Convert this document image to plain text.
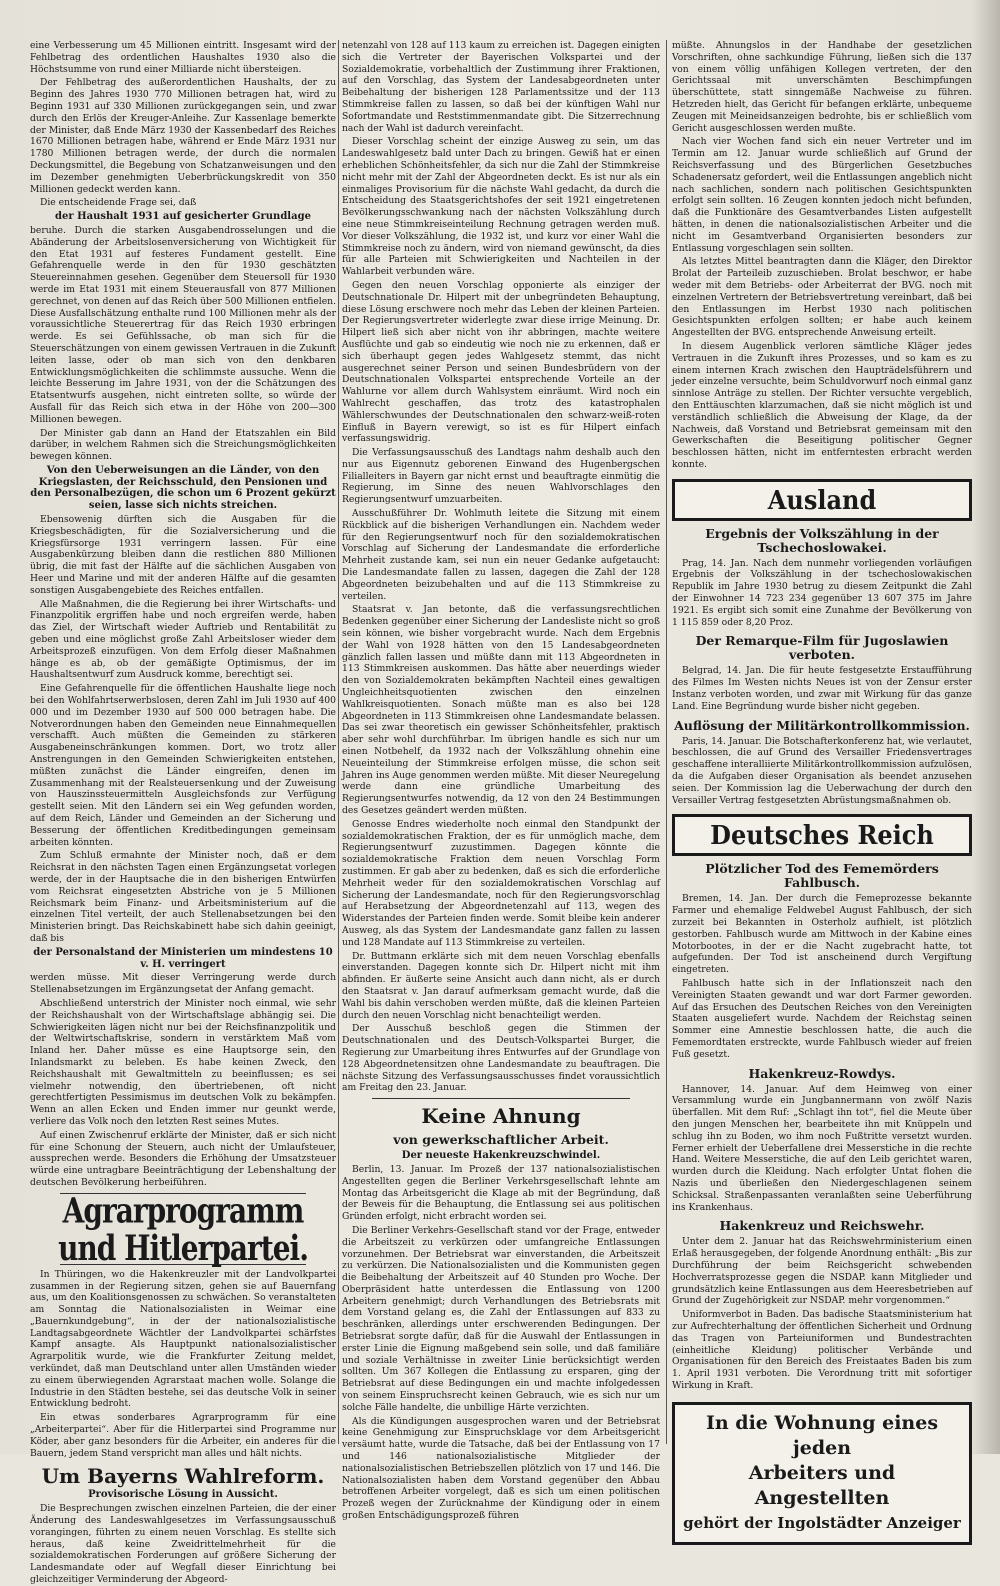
eine Verbesserung um 45 Millionen eintritt. Insgesamt wird der Fehlbetrag des ordentlichen Haushaltes 1930 also die Höchstsumme von rund einer Milliarde nicht übersteigen.

Der Fehlbetrag des außerordentlichen Haushalts, der zu Beginn des Jahres 1930 770 Millionen betragen hat, wird zu Beginn 1931 auf 330 Millionen zurückgegangen sein, und zwar durch den Erlös der Kreuger-Anleihe. Zur Kassenlage bemerkte der Minister, daß Ende März 1930 der Kassenbedarf des Reiches 1670 Millionen betragen habe, während er Ende März 1931 nur 1780 Millionen betragen werde, der durch die normalen Deckungsmittel, die Begebung von Schatzanweisungen und den im Dezember genehmigten Ueberbrückungskredit von 350 Millionen gedeckt werden kann.

Die entscheidende Frage sei, daß

der Haushalt 1931 auf gesicherter Grundlage

beruhe. Durch die starken Ausgabendrosselungen und die Abänderung der Arbeitslosenversicherung von Wichtigkeit für den Etat 1931 auf festeres Fundament gestellt. Eine Gefahrenquelle werde in den für 1930 geschätzten Steuereinnahmen gesehen. Gegenüber dem Steuersoll für 1930 werde im Etat 1931 mit einem Steuerausfall von 877 Millionen gerechnet, von denen auf das Reich über 500 Millionen entfielen. Diese Ausfallschätzung enthalte rund 100 Millionen mehr als der voraussichtliche Steuerertrag für das Reich 1930 erbringen werde. Es sei Gefühlssache, ob man sich für die Steuerschätzungen von einem gewissen Vertrauen in die Zukunft leiten lasse, oder ob man sich von den denkbaren Entwicklungsmöglichkeiten die schlimmste aussuche. Wenn die leichte Besserung im Jahre 1931, von der die Schätzungen des Etatsentwurfs ausgehen, nicht eintreten sollte, so würde der Ausfall für das Reich sich etwa in der Höhe von 200—300 Millionen bewegen.

Der Minister gab dann an Hand der Etatszahlen ein Bild darüber, in welchem Rahmen sich die Streichungsmöglichkeiten bewegen können.

Von den Ueberweisungen an die Länder, von den Kriegslasten, der Reichsschuld, den Pensionen und den Personalbezügen, die schon um 6 Prozent gekürzt seien, lasse sich nichts streichen.

Ebensowenig dürften sich die Ausgaben für die Kriegsbeschädigten, für die Sozialversicherung und die Kriegsfürsorge 1931 verringern lassen. Für eine Ausgabenkürzung bleiben dann die restlichen 880 Millionen übrig, die mit fast der Hälfte auf die sächlichen Ausgaben von Heer und Marine und mit der anderen Hälfte auf die gesamten sonstigen Ausgabengebiete des Reiches entfallen.

Alle Maßnahmen, die die Regierung bei ihrer Wirtschafts- und Finanzpolitik ergriffen habe und noch ergreifen werde, haben das Ziel, der Wirtschaft wieder Auftrieb und Rentabilität zu geben und eine möglichst große Zahl Arbeitsloser wieder dem Arbeitsprozeß einzufügen. Von dem Erfolg dieser Maßnahmen hänge es ab, ob der gemäßigte Optimismus, der im Haushaltsentwurf zum Ausdruck komme, berechtigt sei.

Eine Gefahrenquelle für die öffentlichen Haushalte liege noch bei den Wohlfahrtserwerbslosen, deren Zahl im Juli 1930 auf 400 000 und im Dezember 1930 auf 500 000 betragen habe. Die Notverordnungen haben den Gemeinden neue Einnahmequellen verschafft. Auch müßten die Gemeinden zu stärkeren Ausgabeneinschränkungen kommen. Dort, wo trotz aller Anstrengungen in den Gemeinden Schwierigkeiten entstehen, müßten zunächst die Länder eingreifen, denen im Zusammenhang mit der Realsteuersenkung und der Zuweisung von Hauszinssteuermitteln Ausgleichsfonds zur Verfügung gestellt seien. Mit den Ländern sei ein Weg gefunden worden, auf dem Reich, Länder und Gemeinden an der Sicherung und Besserung der öffentlichen Kreditbedingungen gemeinsam arbeiten könnten.

Zum Schluß ermahnte der Minister noch, daß er dem Reichsrat in den nächsten Tagen einen Ergänzungsetat vorlegen werde, der in der Hauptsache die in den bisherigen Entwürfen vom Reichsrat eingesetzten Abstriche von je 5 Millionen Reichsmark beim Finanz- und Arbeitsministerium auf die einzelnen Titel verteilt, der auch Stellenabsetzungen bei den Ministerien bringt. Das Reichskabinett habe sich dahin geeinigt, daß bis

der Personalstand der Ministerien um mindestens 10 v. H. verringert

werden müsse. Mit dieser Verringerung werde durch Stellenabsetzungen im Ergänzungsetat der Anfang gemacht.

Abschließend unterstrich der Minister noch einmal, wie sehr der Reichshaushalt von der Wirtschaftslage abhängig sei. Die Schwierigkeiten lägen nicht nur bei der Reichsfinanzpolitik und der Weltwirtschaftskrise, sondern in verstärktem Maß vom Inland her. Daher müsse es eine Hauptsorge sein, den Inlandsmarkt zu beleben. Es habe keinen Zweck, den Reichshaushalt mit Gewaltmitteln zu beeinflussen; es sei vielmehr notwendig, den übertriebenen, oft nicht gerechtfertigten Pessimismus im deutschen Volk zu bekämpfen. Wenn an allen Ecken und Enden immer nur geunkt werde, verliere das Volk noch den letzten Rest seines Mutes.

Auf einen Zwischenruf erklärte der Minister, daß er sich nicht für eine Schonung der Steuern, auch nicht der Umlaufsteuer, aussprechen werde. Besonders die Erhöhung der Umsatzsteuer würde eine untragbare Beeinträchtigung der Lebenshaltung der deutschen Bevölkerung herbeiführen.

Agrarprogramm und Hitlerpartei.

In Thüringen, wo die Hakenkreuzler mit der Landvolkpartei zusammen in der Regierung sitzen, gehen sie auf Bauernfang aus, um den Koalitionsgenossen zu schwächen. So veranstalteten am Sonntag die Nationalsozialisten in Weimar eine „Bauernkundgebung“, in der der nationalsozialistische Landtagsabgeordnete Wächtler der Landvolkpartei schärfstes Kampf ansagte. Als Hauptpunkt nationalsozialistischer Agrarpolitik wurde, wie die Frankfurter Zeitung meldet, verkündet, daß man Deutschland unter allen Umständen wieder zu einem überwiegenden Agrarstaat machen wolle. Solange die Industrie in den Städten bestehe, sei das deutsche Volk in seiner Entwicklung bedroht.

Ein etwas sonderbares Agrarprogramm für eine „Arbeiterpartei“. Aber für die Hitlerpartei sind Programme nur Köder, aber ganz besonders für die Arbeiter, ein anderes für die Bauern, jedem Stand verspricht man alles und hält nichts.

Um Bayerns Wahlreform.

Provisorische Lösung in Aussicht.

Die Besprechungen zwischen einzelnen Parteien, die der einer Änderung des Landeswahlgesetzes im Verfassungsausschuß vorangingen, führten zu einem neuen Vorschlag. Es stellte sich heraus, daß keine Zweidrittelmehrheit für die sozialdemokratischen Forderungen auf größere Sicherung der Landesmandate oder auf Wegfall dieser Einrichtung bei gleichzeitiger Verminderung der Abgeord-

netenzahl von 128 auf 113 kaum zu erreichen ist. Dagegen einigten sich die Vertreter der Bayerischen Volkspartei und der Sozialdemokratie, vorbehaltlich der Zustimmung ihrer Fraktionen, auf den Vorschlag, das System der Landesabgeordneten unter Beibehaltung der bisherigen 128 Parlamentssitze und der 113 Stimmkreise fallen zu lassen, so daß bei der künftigen Wahl nur Sofortmandate und Reststimmenmandate gibt. Die Sitzerrechnung nach der Wahl ist dadurch vereinfacht.

Dieser Vorschlag scheint der einzige Ausweg zu sein, um das Landeswahlgesetz bald unter Dach zu bringen. Gewiß hat er einen erheblichen Schönheitsfehler, da sich nur die Zahl der Stimmkreise nicht mehr mit der Zahl der Abgeordneten deckt. Es ist nur als ein einmaliges Provisorium für die nächste Wahl gedacht, da durch die Entscheidung des Staatsgerichtshofes der seit 1921 eingetretenen Bevölkerungsschwankung nach der nächsten Volkszählung durch eine neue Stimmkreiseinteilung Rechnung getragen werden muß. Vor dieser Volkszählung, die 1932 ist, und kurz vor einer Wahl die Stimmkreise noch zu ändern, wird von niemand gewünscht, da dies für alle Parteien mit Schwierigkeiten und Nachteilen in der Wahlarbeit verbunden wäre.

Gegen den neuen Vorschlag opponierte als einziger der Deutschnationale Dr. Hilpert mit der unbegründeten Behauptung, diese Lösung erschwere noch mehr das Leben der kleinen Parteien. Der Regierungsvertreter widerlegte zwar diese irrige Meinung. Dr. Hilpert ließ sich aber nicht von ihr abbringen, machte weitere Ausflüchte und gab so eindeutig wie noch nie zu erkennen, daß er sich überhaupt gegen jedes Wahlgesetz stemmt, das nicht ausgerechnet seiner Person und seinen Bundesbrüdern von der Deutschnationalen Volkspartei entsprechende Vorteile an der Wahlurne vor allem durch Wahlsystem einräumt. Wird noch ein Wahlrecht geschaffen, das trotz des katastrophalen Wählerschwundes der Deutschnationalen den schwarz-weiß-roten Einfluß in Bayern verewigt, so ist es für Hilpert einfach verfassungswidrig.

Die Verfassungsausschuß des Landtags nahm deshalb auch den nur aus Eigennutz geborenen Einwand des Hugenbergschen Filialleiters in Bayern gar nicht ernst und beauftragte einmütig die Regierung, im Sinne des neuen Wahlvorschlages den Regierungsentwurf umzuarbeiten.

Ausschußführer Dr. Wohlmuth leitete die Sitzung mit einem Rückblick auf die bisherigen Verhandlungen ein. Nachdem weder für den Regierungsentwurf noch für den sozialdemokratischen Vorschlag auf Sicherung der Landesmandate die erforderliche Mehrheit zustande kam, sei nun ein neuer Gedanke aufgetaucht: Die Landesmandate fallen zu lassen, dagegen die Zahl der 128 Abgeordneten beizubehalten und auf die 113 Stimmkreise zu verteilen.

Staatsrat v. Jan betonte, daß die verfassungsrechtlichen Bedenken gegenüber einer Sicherung der Landesliste nicht so groß sein können, wie bisher vorgebracht wurde. Nach dem Ergebnis der Wahl von 1928 hätten von den 15 Landesabgeordneten gänzlich fallen lassen und müßte dann mit 113 Abgeordneten in 113 Stimmkreisen auskommen. Das hätte aber neuerdings wieder den von Sozialdemokraten bekämpften Nachteil eines gewaltigen Ungleichheitsquotienten zwischen den einzelnen Wahlkreisquotienten. Sonach müßte man es also bei 128 Abgeordneten in 113 Stimmkreisen ohne Landesmandate belassen. Das sei zwar theoretisch ein gewisser Schönheitsfehler, praktisch aber sehr wohl durchführbar. Im übrigen handle es sich nur um einen Notbehelf, da 1932 nach der Volkszählung ohnehin eine Neueinteilung der Stimmkreise erfolgen müsse, die schon seit Jahren ins Auge genommen werden müßte. Mit dieser Neuregelung werde dann eine gründliche Umarbeitung des Regierungsentwurfes notwendig, da 12 von den 24 Bestimmungen des Gesetzes geändert werden müßten.

Genosse Endres wiederholte noch einmal den Standpunkt der sozialdemokratischen Fraktion, der es für unmöglich mache, dem Regierungsentwurf zuzustimmen. Dagegen könnte die sozialdemokratische Fraktion dem neuen Vorschlag Form zustimmen. Er gab aber zu bedenken, daß es sich die erforderliche Mehrheit weder für den sozialdemokratischen Vorschlag auf Sicherung der Landesmandate, noch für den Regierungsvorschlag auf Herabsetzung der Abgeordnetenzahl auf 113, wegen des Widerstandes der Parteien finden werde. Somit bleibe kein anderer Ausweg, als das System der Landesmandate ganz fallen zu lassen und 128 Mandate auf 113 Stimmkreise zu verteilen.

Dr. Buttmann erklärte sich mit dem neuen Vorschlag ebenfalls einverstanden. Dagegen konnte sich Dr. Hilpert nicht mit ihm abfinden. Er äußerte seine Ansicht auch dann nicht, als er durch den Staatsrat v. Jan darauf aufmerksam gemacht wurde, daß die Wahl bis dahin verschoben werden müßte, daß die kleinen Parteien durch den neuen Vorschlag nicht benachteiligt werden.

Der Ausschuß beschloß gegen die Stimmen der Deutschnationalen und des Deutsch-Volkspartei Burger, die Regierung zur Umarbeitung ihres Entwurfes auf der Grundlage von 128 Abgeordnetensitzen ohne Landesmandate zu beauftragen. Die nächste Sitzung des Verfassungsausschusses findet voraussichtlich am Freitag den 23. Januar.

Keine Ahnung
von gewerkschaftlicher Arbeit.

Der neueste Hakenkreuzschwindel.

Berlin, 13. Januar. Im Prozeß der 137 nationalsozialistischen Angestellten gegen die Berliner Verkehrsgesellschaft lehnte am Montag das Arbeitsgericht die Klage ab mit der Begründung, daß der Beweis für die Behauptung, die Entlassung sei aus politischen Gründen erfolgt, nicht erbracht worden sei.

Die Berliner Verkehrs-Gesellschaft stand vor der Frage, entweder die Arbeitszeit zu verkürzen oder umfangreiche Entlassungen vorzunehmen. Der Betriebsrat war einverstanden, die Arbeitszeit zu verkürzen. Die Nationalsozialisten und die Kommunisten gegen die Beibehaltung der Arbeitszeit auf 40 Stunden pro Woche. Der Oberpräsident hatte unterdessen die Entlassung von 1200 Arbeitern genehmigt; durch Verhandlungen des Betriebsrats mit dem Vorstand gelang es, die Zahl der Entlassungen auf 833 zu beschränken, allerdings unter erschwerenden Bedingungen. Der Betriebsrat sorgte dafür, daß für die Auswahl der Entlassungen in erster Linie die Eignung maßgebend sein solle, und daß familiäre und soziale Verhältnisse in zweiter Linie berücksichtigt werden sollten. Um 367 Kollegen die Entlassung zu ersparen, ging der Betriebsrat auf diese Bedingungen ein und machte infolgedessen von seinem Einspruchsrecht keinen Gebrauch, wie es sich nur um solche Fälle handelte, die unbillige Härte verzichten.

Als die Kündigungen ausgesprochen waren und der Betriebsrat keine Genehmigung zur Einspruchsklage vor dem Arbeitsgericht versäumt hatte, wurde die Tatsache, daß bei der Entlassung von 17 und 146 nationalsozialistische Mitglieder der nationalsozialistischen Betriebszellen plötzlich von 17 und 146. Die Nationalsozialisten haben dem Vorstand gegenüber den Abbau betroffenen Arbeiter vorgelegt, daß es sich um einen politischen Prozeß wegen der Zurücknahme der Kündigung oder in einem großen Entschädigungsprozeß führen

müßte. Ahnungslos in der Handhabe der gesetzlichen Vorschriften, ohne sachkundige Führung, ließen sich die 137 von einem völlig unfähigen Kollegen vertreten, der den Gerichtssaal mit unverschämten Beschimpfungen überschüttete, statt sinngemäße Nachweise zu führen. Hetzreden hielt, das Gericht für befangen erklärte, unbequeme Zeugen mit Meineidsanzeigen bedrohte, bis er schließlich vom Gericht ausgeschlossen werden mußte.

Nach vier Wochen fand sich ein neuer Vertreter und im Termin am 12. Januar wurde schließlich auf Grund der Reichsverfassung und des Bürgerlichen Gesetzbuches Schadenersatz gefordert, weil die Entlassungen angeblich nicht nach sachlichen, sondern nach politischen Gesichtspunkten erfolgt sein sollten. 16 Zeugen konnten jedoch nicht befunden, daß die Funktionäre des Gesamtverbandes Listen aufgestellt hätten, in denen die nationalsozialistischen Arbeiter und die nicht im Gesamtverband Organisierten besonders zur Entlassung vorgeschlagen sein sollten.

Als letztes Mittel beantragten dann die Kläger, den Direktor Brolat der Parteileib zuzuschieben. Brolat beschwor, er habe weder mit dem Betriebs- oder Arbeiterrat der BVG. noch mit einzelnen Vertretern der Betriebsvertretung vereinbart, daß bei den Entlassungen im Herbst 1930 nach politischen Gesichtspunkten erfolgen sollten; er habe auch keinem Angestellten der BVG. entsprechende Anweisung erteilt.

In diesem Augenblick verloren sämtliche Kläger jedes Vertrauen in die Zukunft ihres Prozesses, und so kam es zu einem internen Krach zwischen den Haupträdelsführern und jeder einzelne versuchte, beim Schuldvorwurf noch einmal ganz sinnlose Anträge zu stellen. Der Richter versuchte vergeblich, den Enttäuschten klarzumachen, daß sie nicht möglich ist und verständlich schließlich die Abweisung der Klage, da der Nachweis, daß Vorstand und Betriebsrat gemeinsam mit den Gewerkschaften die Beseitigung politischer Gegner beschlossen hätten, nicht im entferntesten erbracht werden konnte.

Ausland
Ergebnis der Volkszählung in der Tschechoslowakei.

Prag, 14. Jan. Nach dem nunmehr vorliegenden vorläufigen Ergebnis der Volkszählung in der tschechoslowakischen Republik im Jahre 1930 betrug zu diesem Zeitpunkt die Zahl der Einwohner 14 723 234 gegenüber 13 607 375 im Jahre 1921. Es ergibt sich somit eine Zunahme der Bevölkerung von 1 115 859 oder 8,20 Proz.

Der Remarque-Film für Jugoslawien verboten.

Belgrad, 14. Jan. Die für heute festgesetzte Erstaufführung des Filmes Im Westen nichts Neues ist von der Zensur erster Instanz verboten worden, und zwar mit Wirkung für das ganze Land. Eine Begründung wurde bisher nicht gegeben.

Auflösung der Militärkontrollkommission.

Paris, 14. Januar. Die Botschafterkonferenz hat, wie verlautet, beschlossen, die auf Grund des Versailler Friedensvertrages geschaffene interalliierte Militärkontrollkommission aufzulösen, da die Aufgaben dieser Organisation als beendet anzusehen seien. Der Kommission lag die Ueberwachung der durch den Versailler Vertrag festgesetzten Abrüstungsmaßnahmen ob.

Deutsches Reich
Plötzlicher Tod des Fememörders Fahlbusch.

Bremen, 14. Jan. Der durch die Femeprozesse bekannte Farmer und ehemalige Feldwebel August Fahlbusch, der sich zurzeit bei Bekannten in Osterholz aufhielt, ist plötzlich gestorben. Fahlbusch wurde am Mittwoch in der Kabine eines Motorbootes, in der er die Nacht zugebracht hatte, tot aufgefunden. Der Tod ist anscheinend durch Vergiftung eingetreten.

Fahlbusch hatte sich in der Inflationszeit nach den Vereinigten Staaten gewandt und war dort Farmer geworden. Auf das Ersuchen des Deutschen Reiches von den Vereinigten Staaten ausgeliefert wurde. Nachdem der Reichstag seinen Sommer eine Amnestie beschlossen hatte, die auch die Fememordtaten erstreckte, wurde Fahlbusch wieder auf freien Fuß gesetzt.

Hakenkreuz-Rowdys.

Hannover, 14. Januar. Auf dem Heimweg von einer Versammlung wurde ein Jungbannermann von zwölf Nazis überfallen. Mit dem Ruf: „Schlagt ihn tot“, fiel die Meute über den jungen Menschen her, bearbeitete ihn mit Knüppeln und schlug ihn zu Boden, wo ihm noch Fußtritte versetzt wurden. Ferner erhielt der Ueberfallene drei Messerstiche in die rechte Hand. Weitere Messerstiche, die auf den Leib gerichtet waren, wurden durch die Kleidung. Nach erfolgter Untat flohen die Nazis und überließen den Niedergeschlagenen seinem Schicksal. Straßenpassanten veranlaßten seine Ueberführung ins Krankenhaus.

Hakenkreuz und Reichswehr.

Unter dem 2. Januar hat das Reichswehrministerium einen Erlaß herausgegeben, der folgende Anordnung enthält: „Bis zur Durchführung der beim Reichsgericht schwebenden Hochverratsprozesse gegen die NSDAP. kann Mitglieder und grundsätzlich keine Entlassungen aus dem Heeresbetrieben auf Grund der Zugehörigkeit zur NSDAP. mehr vorgenommen.“

Uniformverbot in Baden. Das badische Staatsministerium hat zur Aufrechterhaltung der öffentlichen Sicherheit und Ordnung das Tragen von Parteiuniformen und Bundestrachten (einheitliche Kleidung) politischer Verbände und Organisationen für den Bereich des Freistaates Baden bis zum 1. April 1931 verboten. Die Verordnung tritt mit sofortiger Wirkung in Kraft.

In die Wohnung eines jeden
Arbeiters und Angestellten
gehört der Ingolstädter Anzeiger
